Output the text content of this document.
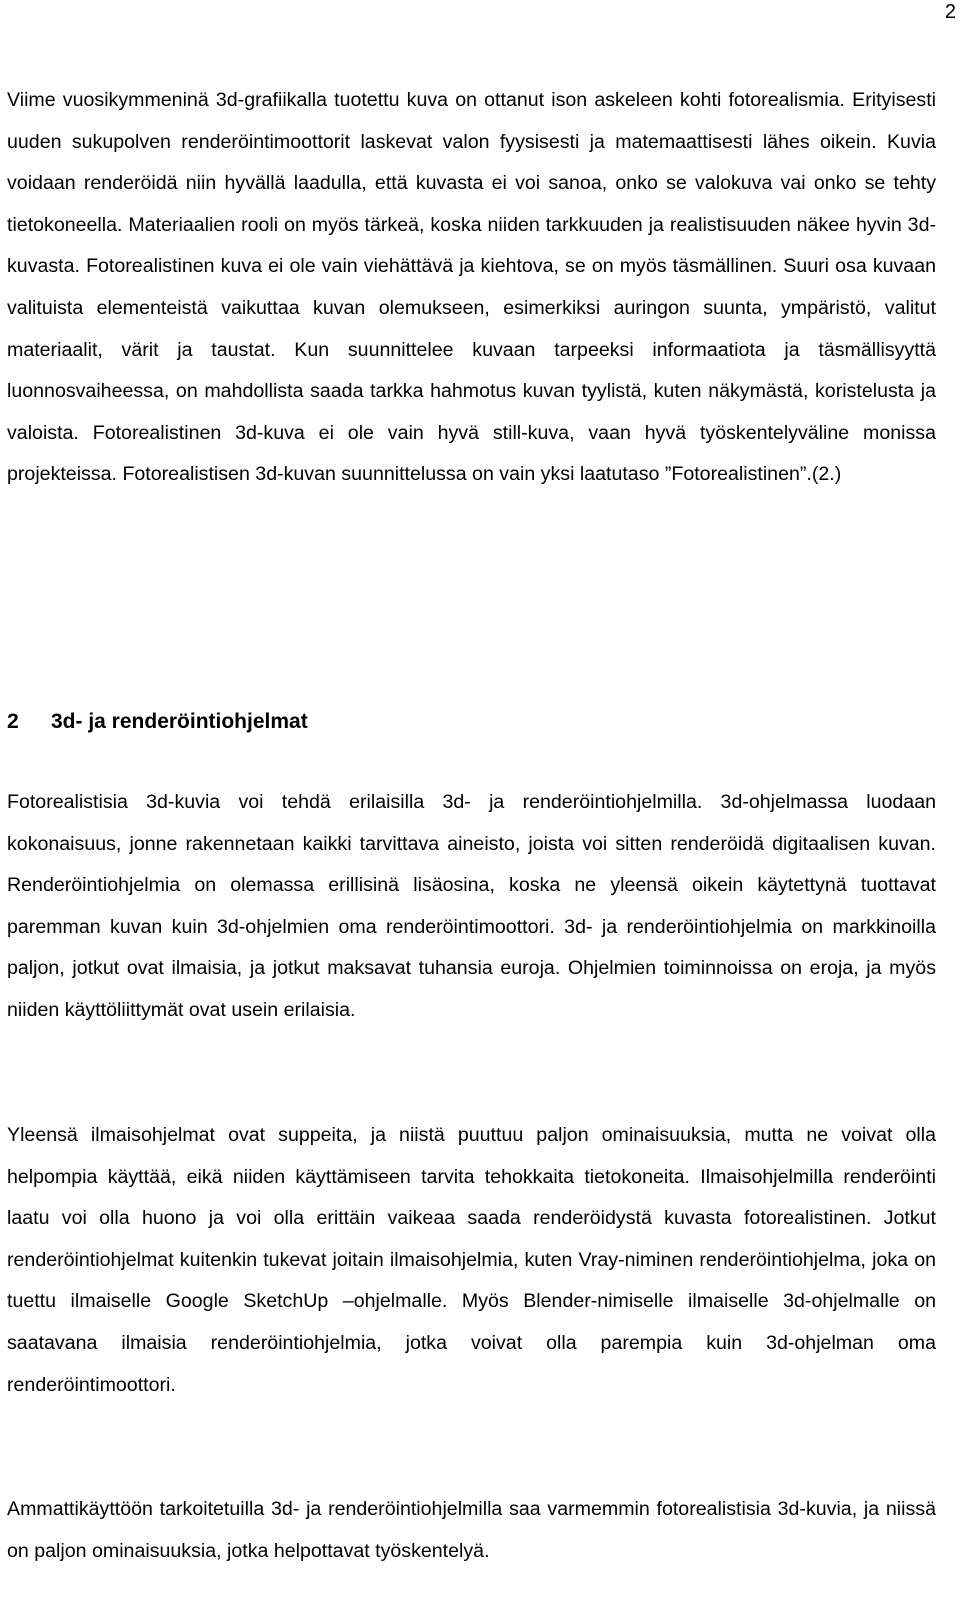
2

Viime vuosikymmeninä 3d-grafiikalla tuotettu kuva on ottanut ison askeleen kohti fotorealismia. Erityisesti uuden sukupolven renderöintimoottorit laskevat valon fyysisesti ja matemaattisesti lähes oikein. Kuvia voidaan renderöidä niin hyvällä laadulla, että kuvasta ei voi sanoa, onko se valokuva vai onko se tehty tietokoneella. Materiaalien rooli on myös tärkeä, koska niiden tarkkuuden ja realistisuuden näkee hyvin 3d-kuvasta. Fotorealistinen kuva ei ole vain viehättävä ja kiehtova, se on myös täsmällinen. Suuri osa kuvaan valituista elementeistä vaikuttaa kuvan olemukseen, esimerkiksi auringon suunta, ympäristö, valitut materiaalit, värit ja taustat. Kun suunnittelee kuvaan tarpeeksi informaatiota ja täsmällisyyttä luonnosvaiheessa, on mahdollista saada tarkka hahmotus kuvan tyylistä, kuten näkymästä, koristelusta ja valoista. Fotorealistinen 3d-kuva ei ole vain hyvä still-kuva, vaan hyvä työskentelyväline monissa projekteissa. Fotorealistisen 3d-kuvan suunnittelussa on vain yksi laatutaso ”Fotorealistinen”.(2.)

2 3d- ja renderöintiohjelmat

Fotorealistisia 3d-kuvia voi tehdä erilaisilla 3d- ja renderöintiohjelmilla. 3d-ohjelmassa luodaan kokonaisuus, jonne rakennetaan kaikki tarvittava aineisto, joista voi sitten renderöidä digitaalisen kuvan. Renderöintiohjelmia on olemassa erillisinä lisäosina, koska ne yleensä oikein käytettynä tuottavat paremman kuvan kuin 3d-ohjelmien oma renderöintimoottori. 3d- ja renderöintiohjelmia on markkinoilla paljon, jotkut ovat ilmaisia, ja jotkut maksavat tuhansia euroja. Ohjelmien toiminnoissa on eroja, ja myös niiden käyttöliittymät ovat usein erilaisia.

Yleensä ilmaisohjelmat ovat suppeita, ja niistä puuttuu paljon ominaisuuksia, mutta ne voivat olla helpompia käyttää, eikä niiden käyttämiseen tarvita tehokkaita tietokoneita. Ilmaisohjelmilla renderöinti laatu voi olla huono ja voi olla erittäin vaikeaa saada renderöidystä kuvasta fotorealistinen. Jotkut renderöintiohjelmat kuitenkin tukevat joitain ilmaisohjelmia, kuten Vray-niminen renderöintiohjelma, joka on tuettu ilmaiselle Google SketchUp –ohjelmalle. Myös Blender-nimiselle ilmaiselle 3d-ohjelmalle on saatavana ilmaisia renderöintiohjelmia, jotka voivat olla parempia kuin 3d-ohjelman oma renderöintimoottori.

Ammattikäyttöön tarkoitetuilla 3d- ja renderöintiohjelmilla saa varmemmin fotorealistisia 3d-kuvia, ja niissä on paljon ominaisuuksia, jotka helpottavat työskentelyä.
